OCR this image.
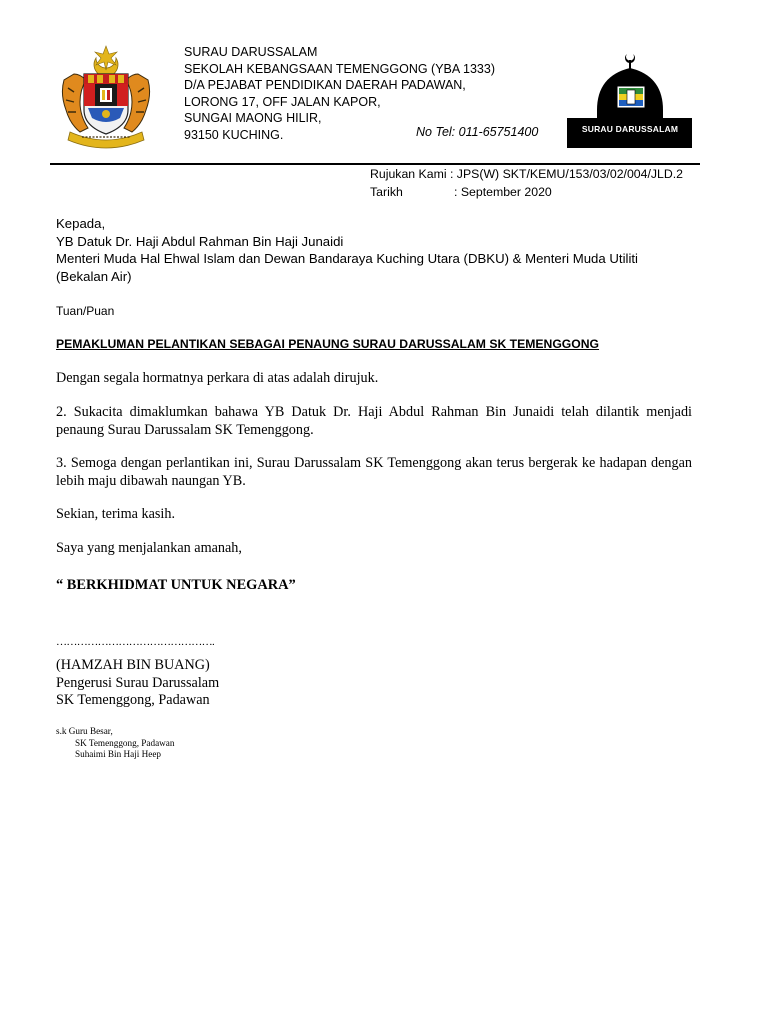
SURAU DARUSSALAM
SEKOLAH KEBANGSAAN TEMENGGONG (YBA 1333)
D/A PEJABAT PENDIDIKAN DAERAH PADAWAN,
LORONG 17, OFF JALAN KAPOR,
SUNGAI MAONG HILIR,
93150 KUCHING.	No Tel: 011-65751400	SURAU DARUSSALAM
Rujukan Kami : JPS(W) SKT/KEMU/153/03/02/004/JLD.2
Tarikh	: September 2020
Kepada,
YB Datuk Dr. Haji Abdul Rahman Bin Haji Junaidi
Menteri Muda Hal Ehwal Islam dan Dewan Bandaraya Kuching Utara (DBKU) & Menteri Muda Utiliti
(Bekalan Air)
Tuan/Puan
PEMAKLUMAN PELANTIKAN SEBAGAI PENAUNG SURAU DARUSSALAM SK TEMENGGONG
Dengan segala hormatnya perkara di atas adalah dirujuk.
2. Sukacita dimaklumkan bahawa YB Datuk Dr. Haji Abdul Rahman Bin Junaidi telah dilantik menjadi penaung Surau Darussalam SK Temenggong.
3. Semoga dengan perlantikan ini, Surau Darussalam SK Temenggong akan terus bergerak ke hadapan dengan lebih maju dibawah naungan YB.
Sekian, terima kasih.
Saya yang menjalankan amanah,
“ BERKHIDMAT UNTUK NEGARA”
……………………………………….
(HAMZAH BIN BUANG)
Pengerusi Surau Darussalam
SK Temenggong, Padawan
s.k Guru Besar,
SK Temenggong, Padawan
Suhaimi Bin Haji Heep
